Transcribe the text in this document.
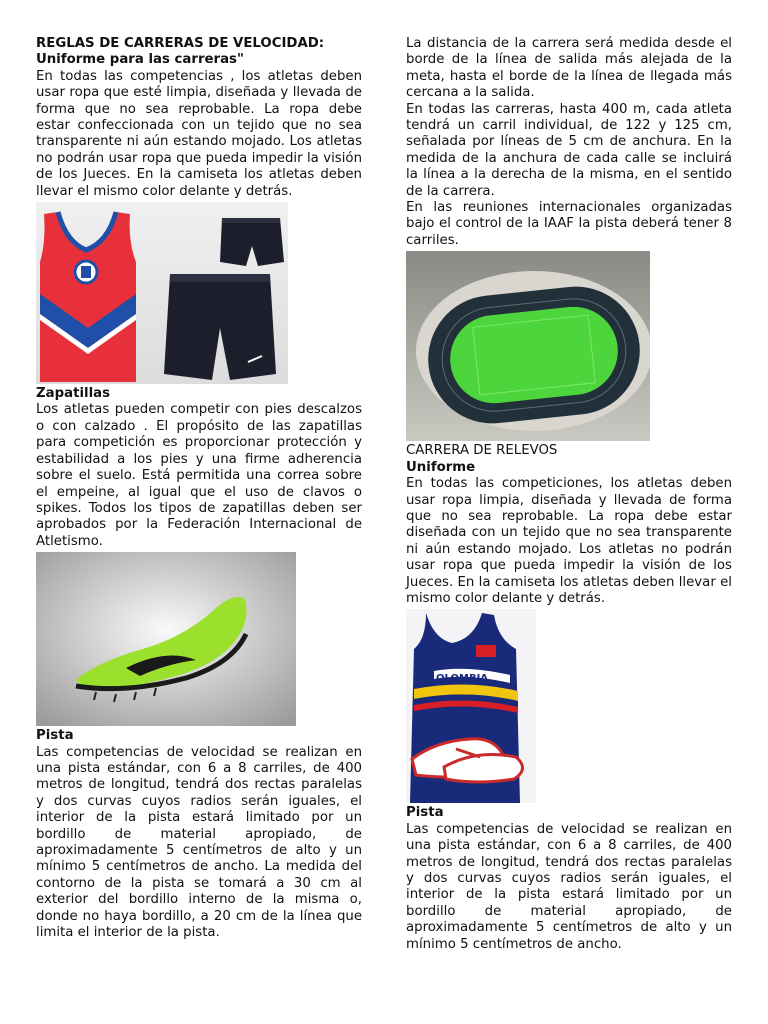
REGLAS DE CARRERAS DE VELOCIDAD:

Uniforme para las carreras"

En todas las competencias , los atletas deben usar ropa que esté limpia, diseñada y llevada de forma que no sea reprobable. La ropa debe estar confeccionada con un tejido que no sea transparente ni aún estando mojado. Los atletas no podrán usar ropa que pueda impedir la visión de los Jueces. En la camiseta los atletas deben llevar el mismo color delante y detrás.

Zapatillas

Los atletas pueden competir con pies descalzos o con calzado . El propósito de las zapatillas para competición es proporcionar protección y estabilidad a los pies y una firme adherencia sobre el suelo. Está permitida una correa sobre el empeine, al igual que el uso de clavos o spikes. Todos los tipos de zapatillas deben ser aprobados por la Federación Internacional de Atletismo.

Pista

Las competencias de velocidad se realizan en una pista estándar, con 6 a 8 carriles, de 400 metros de longitud, tendrá dos rectas paralelas y dos curvas cuyos radios serán iguales, el interior de la pista estará limitado por un bordillo de material apropiado, de aproximadamente 5 centímetros de alto y un mínimo 5 centímetros de ancho. La medida del contorno de la pista se tomará a 30 cm al exterior del bordillo interno de la misma o, donde no haya bordillo, a 20 cm de la línea que limita el interior de la pista.

La distancia de la carrera será medida desde el borde de la línea de salida más alejada de la meta, hasta el borde de la línea de llegada más cercana a la salida.

En todas las carreras, hasta 400 m, cada atleta tendrá un carril individual, de 122 y 125 cm, señalada por líneas de 5 cm de anchura. En la medida de la anchura de cada calle se incluirá la línea a la derecha de la misma, en el sentido de la carrera.

En las reuniones internacionales organizadas bajo el control de la IAAF la pista deberá tener 8 carriles.

CARRERA DE RELEVOS

Uniforme

En todas las competiciones, los atletas deben usar ropa limpia, diseñada y llevada de forma que no sea reprobable. La ropa debe estar diseñada con un tejido que no sea transparente ni aún estando mojado. Los atletas no podrán usar ropa que pueda impedir la visión de los Jueces. En la camiseta los atletas deben llevar el mismo color delante y detrás.

OLOMBIA

Pista

Las competencias de velocidad se realizan en una pista estándar, con 6 a 8 carriles, de 400 metros de longitud, tendrá dos rectas paralelas y dos curvas cuyos radios serán iguales, el interior de la pista estará limitado por un bordillo de material apropiado, de aproximadamente 5 centímetros de alto y un mínimo 5 centímetros de ancho.
